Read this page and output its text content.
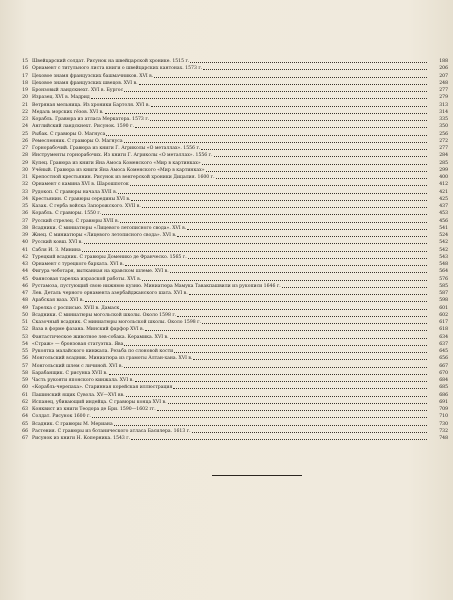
15 Швейцарский солдат. Рисунок на швейцарской хронике. 1515 г.	188
16 Орнамент с титульного листа книги о швейцарских кантонах. 1573 г.	206
17 Цеховое знамя французских башмачников. XVI в.	207
18 Цеховое знамя французских швецов. XVI в.	248
19 Бронзовый ландскнехт. XVI в. Бургос	277
20 Изразец. XVI в. Мадрид	279
21 Ветряная мельница. Из хроники Бартоля. XVI в.	313
22 Медаль морских гёзов. XVI в.	314
23 Корабль. Гравюра из атласа Меркатора. 1573 г.	335
24 Английский ландскнехт. Рисунок. 1590 г.	350
25 Рыбак. С гравюры О. Магнуса	256
26 Ремесленник. С гравюры О. Магнуса	272
27 Горнорабочий. Гравюра из книги Г. Агриколы «О металлах». 1556 г.	277
28 Инструменты горнорабочих. Из книги Г. Агриколы «О металлах». 1556 г.	284
29 Купец. Гравюра из книги Яна Амоса Коменского «Мир в картинках»	285
30 Учёный. Гравюра из книги Яна Амоса Коменского «Мир в картинках»	299
31 Крепостной крестьянин. Рисунок из венгерской хроники Дицалия. 1600 г.	400
32 Орнамент с камина XVI в. Шарошпоток	412
33 Рудокоп. С гравюры начала XVII в.	421
34 Крестьянин. С гравюры середины XVI в.	425
35 Казак. С герба войска Запорожского. XVII в.	437
36 Корабль. С гравюры. 1550 г.	453
37 Русский стрелец. С гравюры XVII в.	456
38 Всадники. С миниатюры «Лицевого летописного свода». XVI в.	541
39 Жнец. С миниатюры «Лицевого летописного свода». XVI в.	524
40 Русский ковш. XVI в.	542
41 Сабля И. З. Минина	542
42 Турецкий всадник. С гравюры Доменико де Франческо. 1565 г.	543
43 Орнамент с турецкого бархата. XVI в.	548
44 Фигура чеботаря, вытканная на кравском шлеме. XVI в.	564
45 Фаянсовая тарелка изразской работы. XVI в.	576
46 Рустамоза, пустующий свою нижнюю кузню. Миниатюра Мамука Тавакпашвили из рукописи 1646 г.	585
47 Лев. Деталь черного орнамента азербайджанского шата. XVI в.	587
48 Арабская ваза. XVI в.	598
49 Тарелка с росписью. XVII в. Дамаск	601
50 Всадники. С миниатюры могольской школы. Около 1598 г.	602
51 Сказочный всадник. С миниатюры могольской школы. Около 1598 г.	617
52 Ваза в форме фазана. Минский фарфор XVI в.	618
53 Фантастическое животное лев-собака. Керамика. XVI в.	634
54 «Страж» — бронзовая статуэтка. Ява	637
55 Рукоятка малайского кинжала. Резьба по слоновой кости	645
56 Монгольский всадник. Миниатюра из грамоты Алтан-хана. XVI в.	656
57 Монгольский шлем с личиной. XVI в.	667
58 Барабанщик. С рисунка XVII в.	670
59 Часть рукояти японского кинжала. XVI в.	684
60 «Корабль-черепаха». Старинная корейская иллюстрация	685
61 Пашинский ящик Сувола. XV—XVI вв.	686
62 Испанец, убивающий индейца. С гравюры конца XVI в.	691
63 Конквист из книги Теодора де Бри. 1590—1602 гг.	709
64 Солдат. Рисунок 1600 г.	710
65 Всадник. С гравюры М. Мериана	730
66 Растения. С гравюры из ботанического атласа Басилера. 1613 г.	732
67 Рисунок из книги Н. Коперника. 1543 г.	748
